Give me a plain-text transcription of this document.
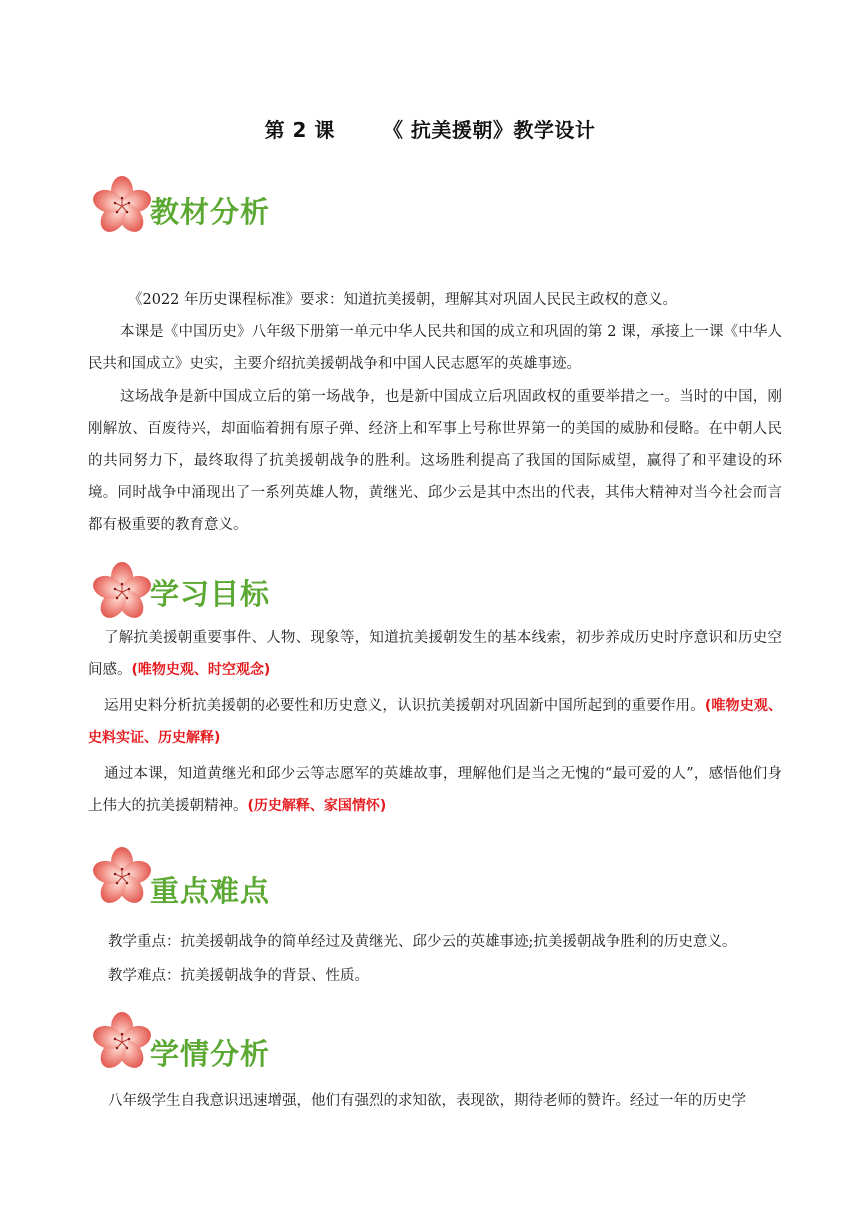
第 2 课 《 抗美援朝》教学设计
教材分析

《2022 年历史课程标准》要求：知道抗美援朝，理解其对巩固人民民主政权的意义。

本课是《中国历史》八年级下册第一单元中华人民共和国的成立和巩固的第 2 课，承接上一课《中华人民共和国成立》史实，主要介绍抗美援朝战争和中国人民志愿军的英雄事迹。

这场战争是新中国成立后的第一场战争，也是新中国成立后巩固政权的重要举措之一。当时的中国，刚刚解放、百废待兴，却面临着拥有原子弹、经济上和军事上号称世界第一的美国的威胁和侵略。在中朝人民的共同努力下，最终取得了抗美援朝战争的胜利。这场胜利提高了我国的国际威望，赢得了和平建设的环境。同时战争中涌现出了一系列英雄人物，黄继光、邱少云是其中杰出的代表，其伟大精神对当今社会而言都有极重要的教育意义。

学习目标

了解抗美援朝重要事件、人物、现象等，知道抗美援朝发生的基本线索，初步养成历史时序意识和历史空间感。(唯物史观、时空观念)

运用史料分析抗美援朝的必要性和历史意义，认识抗美援朝对巩固新中国所起到的重要作用。(唯物史观、史料实证、历史解释)

通过本课，知道黄继光和邱少云等志愿军的英雄故事，理解他们是当之无愧的“最可爱的人”，感悟他们身上伟大的抗美援朝精神。(历史解释、家国情怀)

重点难点

教学重点：抗美援朝战争的简单经过及黄继光、邱少云的英雄事迹;抗美援朝战争胜利的历史意义。

教学难点：抗美援朝战争的背景、性质。

学情分析

八年级学生自我意识迅速增强，他们有强烈的求知欲，表现欲，期待老师的赞许。经过一年的历史学
